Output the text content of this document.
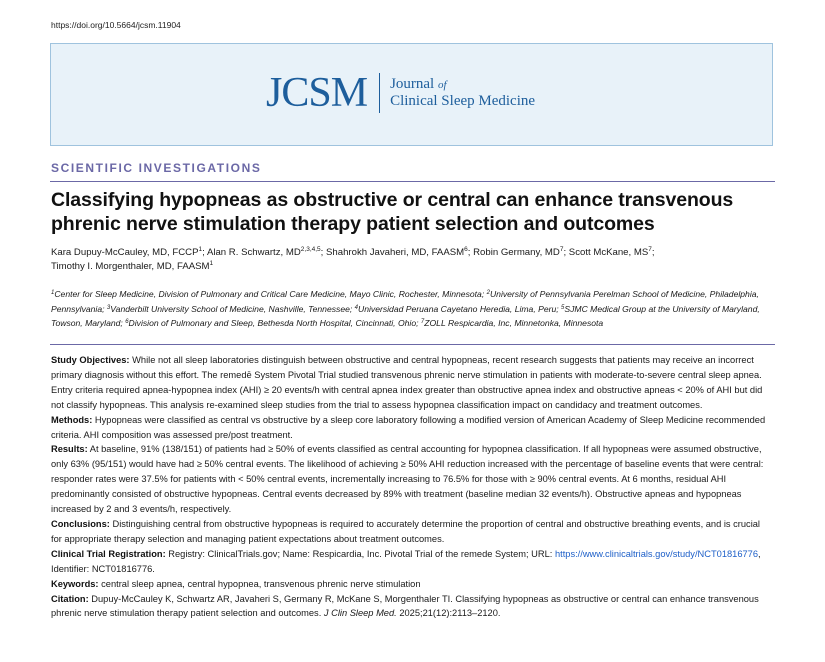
https://doi.org/10.5664/jcsm.11904
JCSM Journal of
Clinical Sleep Medicine
SCIENTIFIC INVESTIGATIONS
Classifying hypopneas as obstructive or central can enhance transvenous phrenic nerve stimulation therapy patient selection and outcomes
Kara Dupuy-McCauley, MD, FCCP$^1$; Alan R. Schwartz, MD$^{2,3,4,5}$; Shahrokh Javaheri, MD, FAASM$^6$; Robin Germany, $MD^7$; Scott McKane, $MS^7$;
Timothy I. Morgenthaler, MD, FAASM$^1$
$^1$Center for Sleep Medicine, Division of Pulmonary and Critical Care Medicine, Mayo Clinic, Rochester, Minnesota; $^2$University of Pennsylvania Perelman School of Medicine, Philadelphia, Pennsylvania; $^3$Vanderbilt University School of Medicine, Nashville, Tennessee; $^4$Universidad Peruana Cayetano Heredia, Lima, Peru; $^5$SJMC Medical Group at the University of Maryland, Towson, Maryland; $^6$Division of Pulmonary and Sleep, Bethesda North Hospital, Cincinnati, Ohio; $^7$ZOLL Respicardia, Inc, Minnetonka, Minnesota

Study Objectives: While not all sleep laboratories distinguish between obstructive and central hypopneas, recent research suggests that patients may receive an incorrect primary diagnosis without this effort. The remedē System Pivotal Trial studied transvenous phrenic nerve stimulation in patients with moderate-to-severe central sleep apnea. Entry criteria required apnea-hypopnea index (AHI) ≥ 20 events/h with central apnea index greater than obstructive apnea index and obstructive apneas < 20% of AHI but did not classify hypopneas. This analysis re-examined sleep studies from the trial to assess hypopnea classification impact on candidacy and treatment outcomes.

Methods: Hypopneas were classified as central vs obstructive by a sleep core laboratory following a modified version of American Academy of Sleep Medicine recommended criteria. AHI composition was assessed pre/post treatment.

Results: At baseline, 91% (138/151) of patients had ≥ 50% of events classified as central accounting for hypopnea classification. If all hypopneas were assumed obstructive, only 63% (95/151) would have had ≥ 50% central events. The likelihood of achieving ≥ 50% AHI reduction increased with the percentage of baseline events that were central: responder rates were 37.5% for patients with < 50% central events, incrementally increasing to 76.5% for those with ≥ 90% central events. At 6 months, residual AHI predominantly consisted of obstructive hypopneas. Central events decreased by 89% with treatment (baseline median 32 events/h). Obstructive apneas and hypopneas increased by 2 and 3 events/h, respectively.

Conclusions: Distinguishing central from obstructive hypopneas is required to accurately determine the proportion of central and obstructive breathing events, and is crucial for appropriate therapy selection and managing patient expectations about treatment outcomes.

Clinical Trial Registration: Registry: ClinicalTrials.gov; Name: Respicardia, Inc. Pivotal Trial of the remede System; URL: https://www.clinicaltrials.gov/study/NCT01816776, Identifier: NCT01816776.

Keywords: central sleep apnea, central hypopnea, transvenous phrenic nerve stimulation

Citation: Dupuy-McCauley K, Schwartz AR, Javaheri S, Germany R, McKane S, Morgenthaler TI. Classifying hypopneas as obstructive or central can enhance transvenous phrenic nerve stimulation therapy patient selection and outcomes. J Clin Sleep Med. 2025;21(12):2113–2120.
